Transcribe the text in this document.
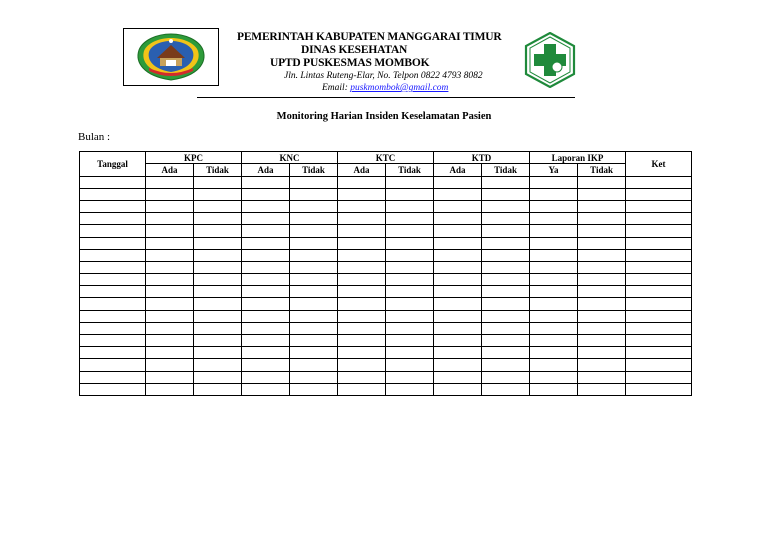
PEMERINTAH KABUPATEN MANGGARAI TIMUR
DINAS KESEHATAN
UPTD PUSKESMAS MOMBOK
Jln. Lintas Ruteng-Elar, No. Telpon 0822 4793 8082
Email: puskmombok@gmail.com
Monitoring Harian Insiden Keselamatan Pasien
Bulan :
Tanggal	KPC		KNC		KTC		KTD		Laporan IKP		Ket
	Ada	Tidak	Ada	Tidak	Ada	Tidak	Ada	Tidak	Ya	Tidak	
